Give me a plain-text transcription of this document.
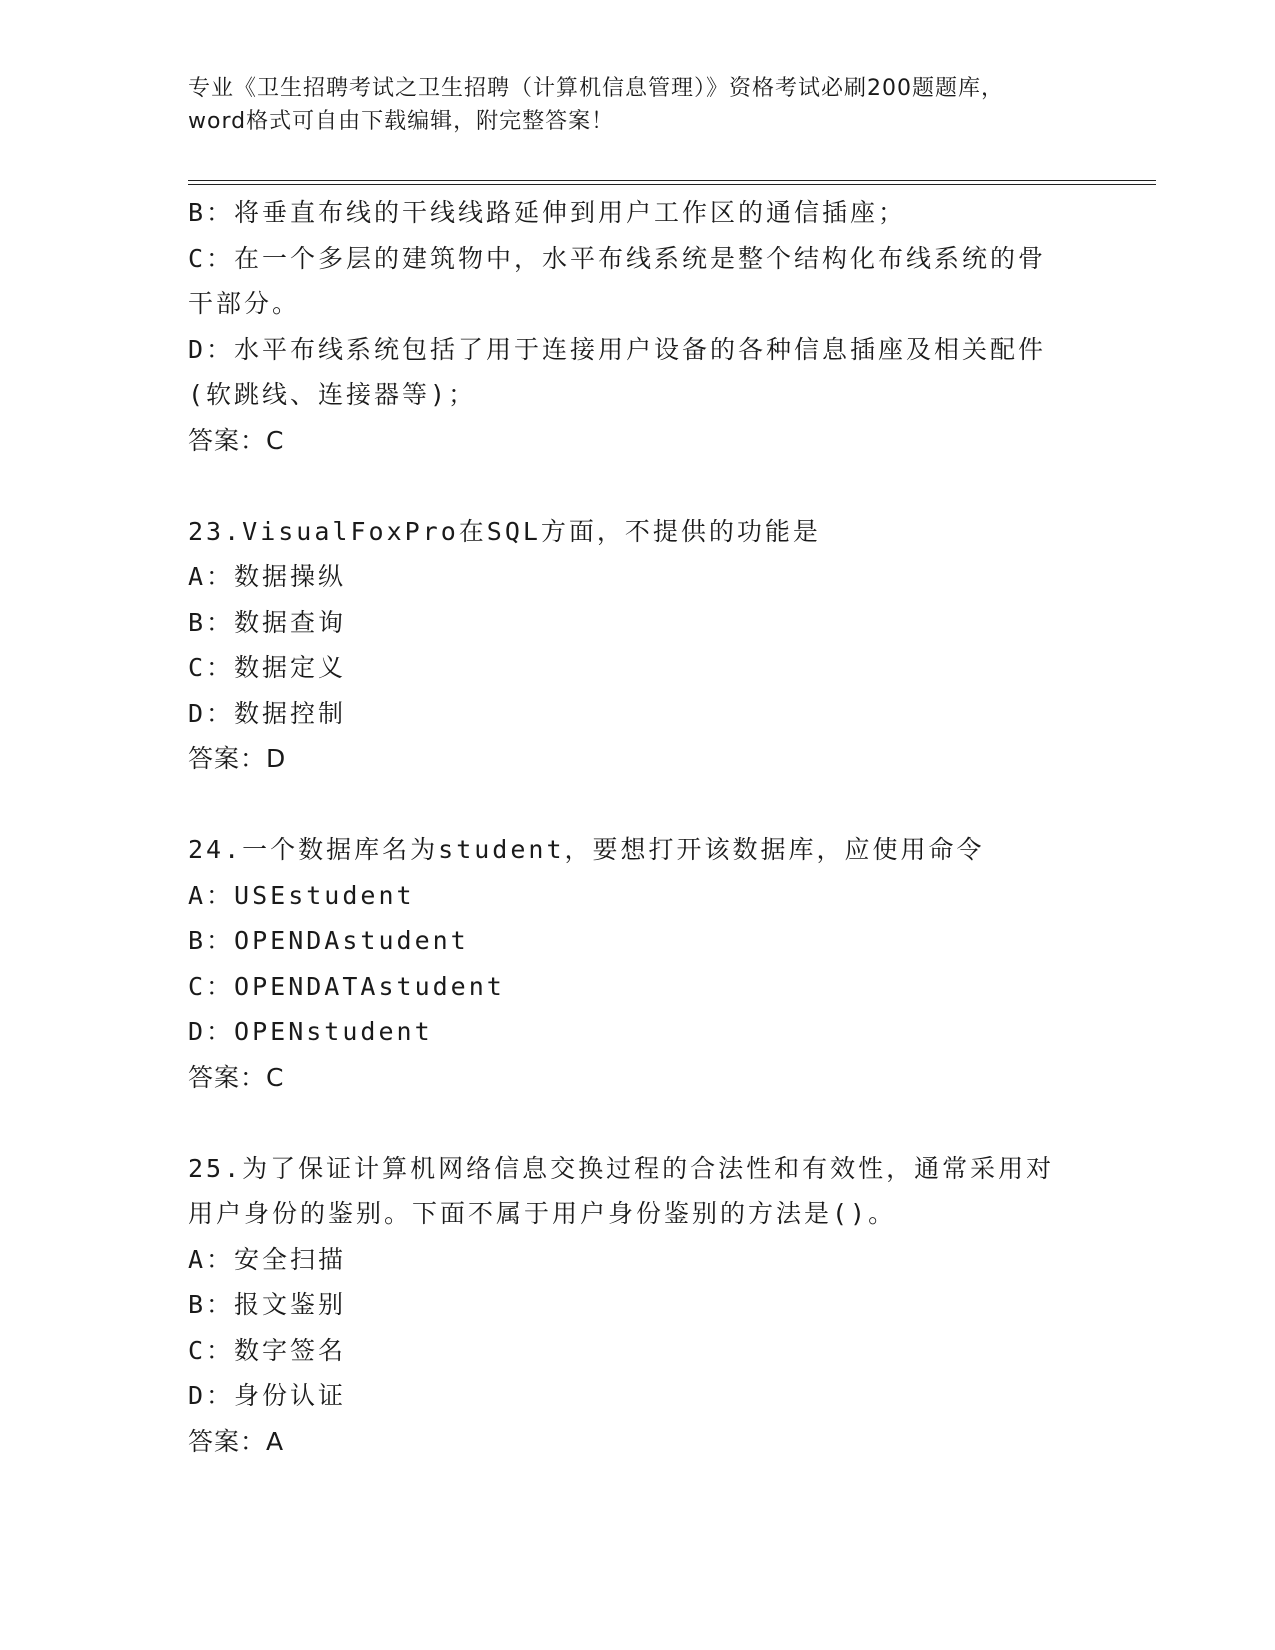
专业《卫生招聘考试之卫生招聘（计算机信息管理）》资格考试必刷200题题库，
word格式可自由下载编辑，附完整答案！
B：将垂直布线的干线线路延伸到用户工作区的通信插座；
C：在一个多层的建筑物中，水平布线系统是整个结构化布线系统的骨
干部分。
D：水平布线系统包括了用于连接用户设备的各种信息插座及相关配件
(软跳线、连接器等)；
答案：C
23.VisualFoxPro在SQL方面，不提供的功能是
A：数据操纵
B：数据查询
C：数据定义
D：数据控制
答案：D
24.一个数据库名为student，要想打开该数据库，应使用命令
A：USEstudent
B：OPENDAstudent
C：OPENDATAstudent
D：OPENstudent
答案：C
25.为了保证计算机网络信息交换过程的合法性和有效性，通常采用对
用户身份的鉴别。下面不属于用户身份鉴别的方法是()。
A：安全扫描
B：报文鉴别
C：数字签名
D：身份认证
答案：A
